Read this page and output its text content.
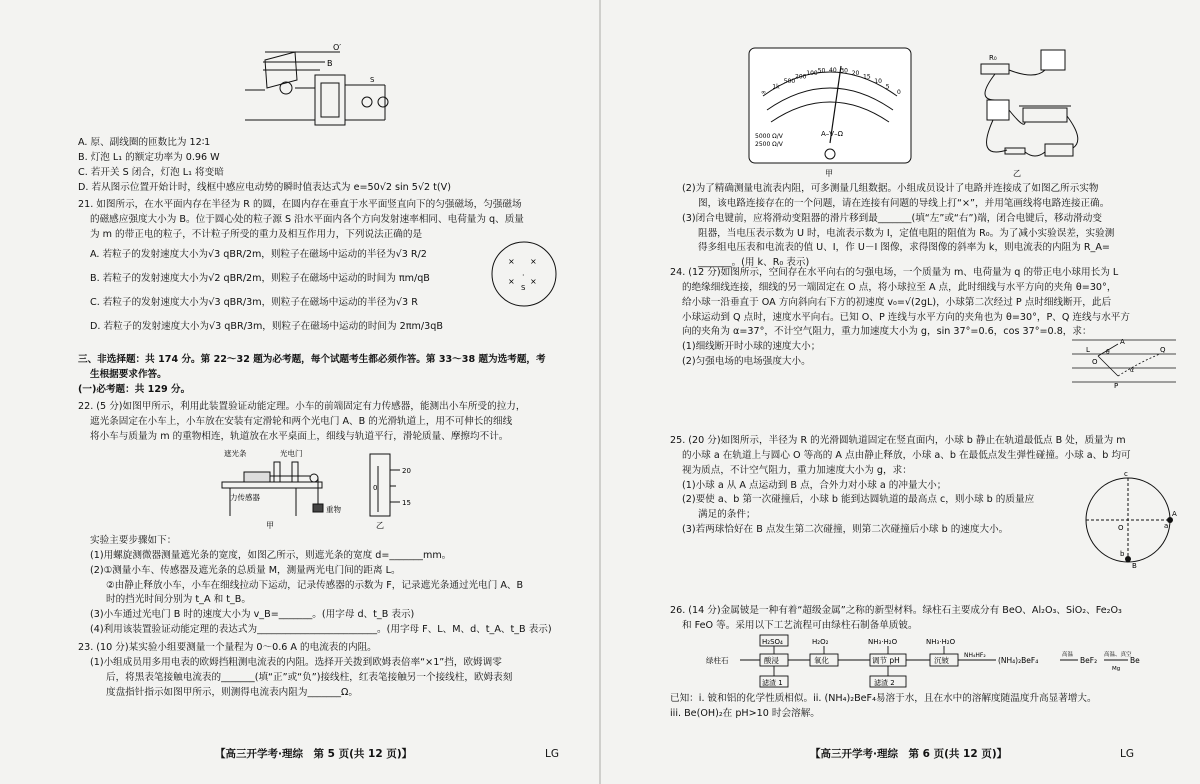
O′
B
S

A. 原、副线圈的匝数比为 12∶1

B. 灯泡 L₁ 的额定功率为 0.96 W

C. 若开关 S 闭合，灯泡 L₁ 将变暗

D. 若从图示位置开始计时，线框中感应电动势的瞬时值表达式为 e=50√2 sin 5√2 t(V)

21. 如图所示，在水平面内存在半径为 R 的圆，在圆内存在垂直于水平面竖直向下的匀强磁场，匀强磁场

的磁感应强度大小为 B。位于圆心处的粒子源 S 沿水平面内各个方向发射速率相同、电荷量为 q、质量

为 m 的带正电的粒子，不计粒子所受的重力及相互作用力，下列说法正确的是

A. 若粒子的发射速度大小为√3 qBR/2m，则粒子在磁场中运动的半径为√3 R/2

B. 若粒子的发射速度大小为√2 qBR/2m，则粒子在磁场中运动的时间为 πm/qB

C. 若粒子的发射速度大小为√3 qBR/3m，则粒子在磁场中运动的半径为√3 R

D. 若粒子的发射速度大小为√3 qBR/3m，则粒子在磁场中运动的时间为 2πm/3qB

× ×
× ×
·
S

三、非选择题：共 174 分。第 22～32 题为必考题，每个试题考生都必须作答。第 33～38 题为选考题，考

生根据要求作答。

(一)必考题：共 129 分。

22. (5 分)如图甲所示，利用此装置验证动能定理。小车的前端固定有力传感器，能测出小车所受的拉力，

遮光条固定在小车上，小车放在安装有定滑轮和两个光电门 A、B 的光滑轨道上，用不可伸长的细线

将小车与质量为 m 的重物相连，轨道放在水平桌面上，细线与轨道平行，滑轮质量、摩擦均不计。

遮光条	光电门
力传感器
重物
甲	乙
20
15
0

实验主要步骤如下：

(1)用螺旋测微器测量遮光条的宽度，如图乙所示，则遮光条的宽度 d=_______mm。

(2)①测量小车、传感器及遮光条的总质量 M，测量两光电门间的距离 L。

②由静止释放小车，小车在细线拉动下运动，记录传感器的示数为 F，记录遮光条通过光电门 A、B

时的挡光时间分别为 t_A 和 t_B。

(3)小车通过光电门 B 时的速度大小为 v_B=_______。(用字母 d、t_B 表示)

(4)利用该装置验证动能定理的表达式为_________________________。(用字母 F、L、M、d、t_A、t_B 表示)

23. (10 分)某实验小组要测量一个量程为 0～0.6 A 的电流表的内阻。

(1)小组成员用多用电表的欧姆挡粗测电流表的内阻。选择开关拨到欧姆表倍率“×1”挡，欧姆调零

后，将黑表笔接触电流表的_______(填“正”或“负”)接线柱，红表笔接触另一个接线柱，欧姆表刻

度盘指针指示如图甲所示，则测得电流表内阻为_______Ω。

【高三开学考·理综　第 5 页(共 12 页)】	LG
∞
1k
500
200 100 50 40 30 20 15
10
5
0
A–V–Ω
5000 Ω/V
2500 Ω/V
甲
R₀
乙

(2)为了精确测量电流表内阻，可多测量几组数据。小组成员设计了电路并连接成了如图乙所示实物

图，该电路连接存在的一个问题，请在连接有问题的导线上打“×”，并用笔画线将电路连接正确。

(3)闭合电键前，应将滑动变阻器的滑片移到最_______(填“左”或“右”)端，闭合电键后，移动滑动变

阻器，当电压表示数为 U 时，电流表示数为 I，定值电阻的阻值为 R₀。为了减小实验误差，实验测

得多组电压表和电流表的值 U、I，作 U－I 图像，求得图像的斜率为 k，则电流表的内阻为 R_A=

_______。(用 k、R₀ 表示)

24. (12 分)如图所示，空间存在水平向右的匀强电场，一个质量为 m、电荷量为 q 的带正电小球用长为 L

的绝缘细线连接，细线的另一端固定在 O 点，将小球拉至 A 点，此时细线与水平方向的夹角 θ=30°，

给小球一沿垂直于 OA 方向斜向右下方的初速度 v₀=√(2gL)，小球第二次经过 P 点时细线断开，此后

小球运动到 Q 点时，速度水平向右。已知 O、P 连线与水平方向的夹角也为 θ=30°，P、Q 连线与水平方

向的夹角为 α=37°，不计空气阻力，重力加速度大小为 g，sin 37°=0.6，cos 37°=0.8，求：

(1)细线断开时小球的速度大小；

(2)匀强电场的电场强度大小。

L
A
O
P
Q
θ
α

25. (20 分)如图所示，半径为 R 的光滑圆轨道固定在竖直面内，小球 b 静止在轨道最低点 B 处，质量为 m

的小球 a 在轨道上与圆心 O 等高的 A 点由静止释放，小球 a、b 在最低点发生弹性碰撞。小球 a、b 均可

视为质点，不计空气阻力，重力加速度大小为 g，求：

(1)小球 a 从 A 点运动到 B 点，合外力对小球 a 的冲量大小；

(2)要使 a、b 第一次碰撞后，小球 b 能到达圆轨道的最高点 c，则小球 b 的质量应

满足的条件；

(3)若两球恰好在 B 点发生第二次碰撞，则第二次碰撞后小球 b 的速度大小。

c
O
A
a
B
b

26. (14 分)金属铍是一种有着“超级金属”之称的新型材料。绿柱石主要成分有 BeO、Al₂O₃、SiO₂、Fe₂O₃

和 FeO 等。采用以下工艺流程可由绿柱石制备单质铍。

H₂SO₄	H₂O₂	NH₃·H₂O	NH₃·H₂O
绿柱石	酸浸	氧化	调节 pH	沉铍
滤渣 1	滤渣 2
NH₄HF₂
(NH₄)₂BeF₄
高温
BeF₂
高温、真空
Mg
Be

已知：i. 铍和铝的化学性质相似。ii. (NH₄)₂BeF₄易溶于水，且在水中的溶解度随温度升高显著增大。

iii. Be(OH)₂在 pH>10 时会溶解。

【高三开学考·理综　第 6 页(共 12 页)】	LG
